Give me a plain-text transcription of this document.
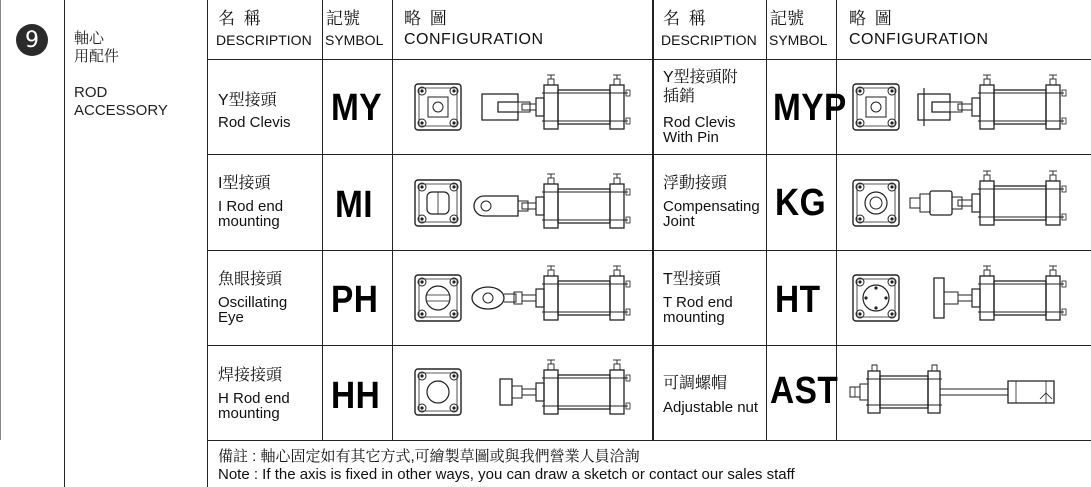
9 軸心
用配件
ROD
ACCESSORY
名 稱
DESCRIPTION
記號
SYMBOL
略 圖
CONFIGURATION
名 稱
DESCRIPTION
記號
SYMBOL
略 圖
CONFIGURATION
Y型接頭
Rod Clevis MY
I型接頭
I Rod end
mounting MI
魚眼接頭
Oscillating
Eye	PH
焊接接頭
H Rod end
mounting HH
Y型接頭附
插銷
Rod Clevis
With Pin
MYP
浮動接頭
Compensating
Joint	KG
T型接頭
T Rod end
mounting HT
可調螺帽
Adjustable nut AST
備註 : 軸心固定如有其它方式,可繪製草圖或與我們營業人員洽詢
Note : If the axis is fixed in other ways, you can draw a sketch or contact our sales staff
